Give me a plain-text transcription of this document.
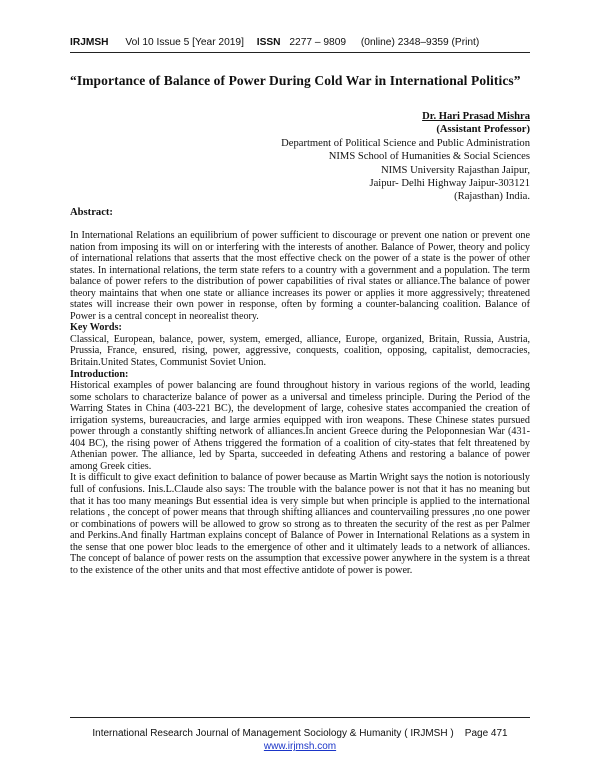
IRJMSH Vol 10 Issue 5 [Year 2019] ISSN 2277 – 9809 (0nline) 2348–9359 (Print)
“Importance of Balance of Power During Cold War in International Politics”
Dr. Hari Prasad Mishra
(Assistant Professor)
Department of Political Science and Public Administration
NIMS School of Humanities & Social Sciences
NIMS University Rajasthan Jaipur,
Jaipur- Delhi Highway Jaipur-303121
(Rajasthan) India.
Abstract:

In International Relations an equilibrium of power sufficient to discourage or prevent one nation or prevent one nation from imposing its will on or interfering with the interests of another. Balance of Power, theory and policy of international relations that asserts that the most effective check on the power of a state is the power of other states. In international relations, the term state refers to a country with a government and a population. The term balance of power refers to the distribution of power capabilities of rival states or alliance.The balance of power theory maintains that when one state or alliance increases its power or applies it more aggressively; threatened states will increase their own power in response, often by forming a counter-balancing coalition. Balance of Power is a central concept in neorealist theory.

Key Words:

Classical, European, balance, power, system, emerged, alliance, Europe, organized, Britain, Russia, Austria, Prussia, France, ensured, rising, power, aggressive, conquests, coalition, opposing, capitalist, democracies, Britain.United States, Communist Soviet Union.

Introduction:

Historical examples of power balancing are found throughout history in various regions of the world, leading some scholars to characterize balance of power as a universal and timeless principle. During the Period of the Warring States in China (403-221 BC), the development of large, cohesive states accompanied the creation of irrigation systems, bureaucracies, and large armies equipped with iron weapons. These Chinese states pursued power through a constantly shifting network of alliances.In ancient Greece during the Peloponnesian War (431-404 BC), the rising power of Athens triggered the formation of a coalition of city-states that felt threatened by Athenian power. The alliance, led by Sparta, succeeded in defeating Athens and restoring a balance of power among Greek cities.

It is difficult to give exact definition to balance of power because as Martin Wright says the notion is notoriously full of confusions. Inis.L.Claude also says: The trouble with the balance power is not that it has no meaning but that it has too many meanings But essential idea is very simple but when principle is applied to the international relations , the concept of power means that through shifting alliances and countervailing pressures ,no one power or combinations of powers will be allowed to grow so strong as to threaten the security of the rest as per Palmer and Perkins.And finally Hartman explains concept of Balance of Power in International Relations as a system in the sense that one power bloc leads to the emergence of other and it ultimately leads to a network of alliances. The concept of balance of power rests on the assumption that excessive power anywhere in the system is a threat to the existence of the other units and that most effective antidote of power is power.

International Research Journal of Management Sociology & Humanity ( IRJMSH ) Page 471
www.irjmsh.com
